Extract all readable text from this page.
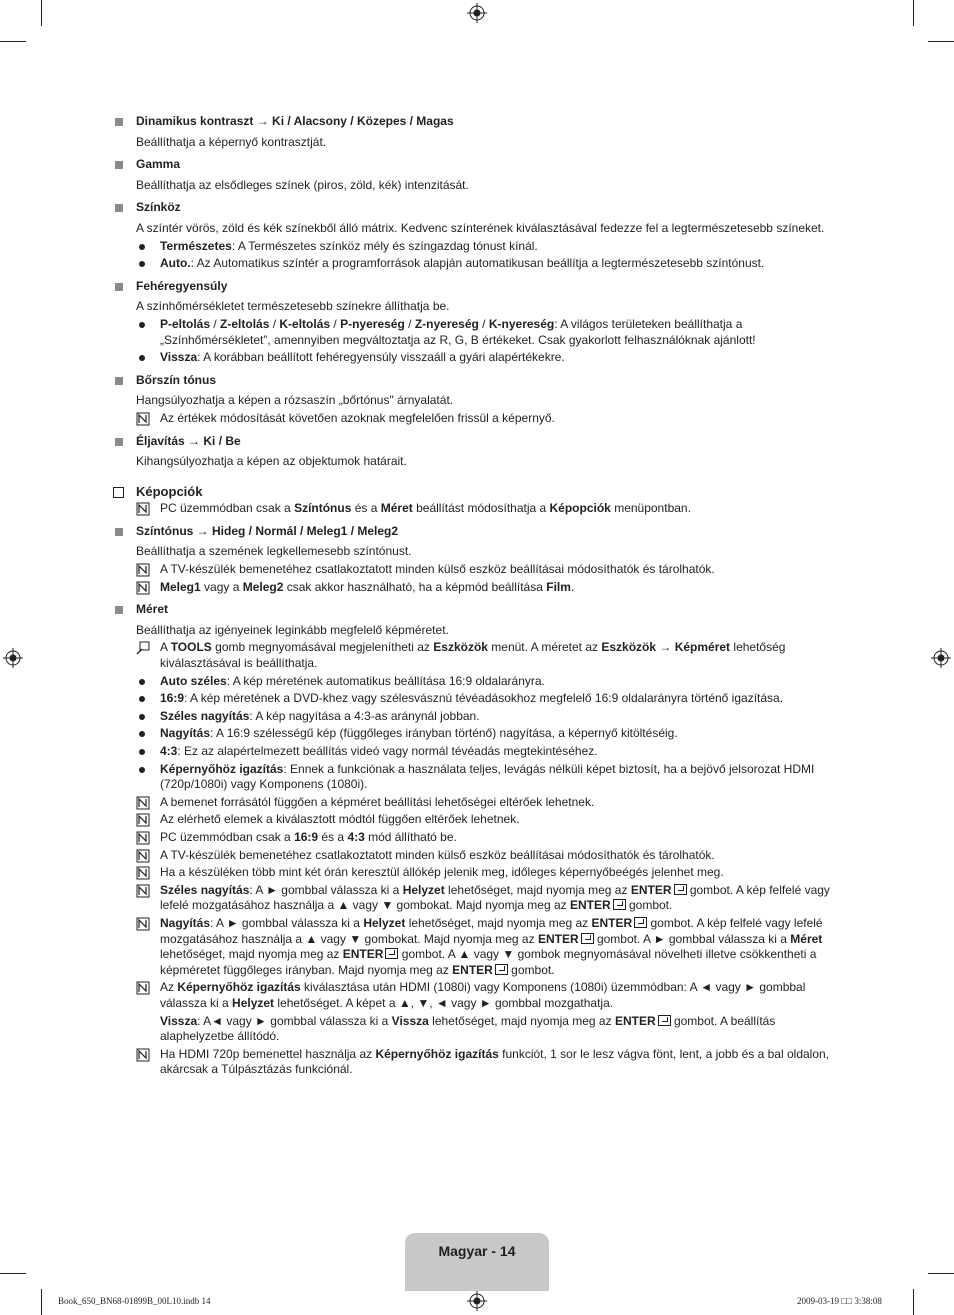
Dinamikus kontraszt → Ki / Alacsony / Közepes / Magas
Beállíthatja a képernyő kontrasztját.
Gamma
Beállíthatja az elsődleges színek (piros, zöld, kék) intenzitását.
Színköz
A színtér vörös, zöld és kék színekből álló mátrix. Kedvenc színterének kiválasztásával fedezze fel a legtermészetesebb színeket.
Természetes: A Természetes színköz mély és színgazdag tónust kínál.
Auto.: Az Automatikus színtér a programforrások alapján automatikusan beállítja a legtermészetesebb színtónust.
Fehéregyensúly
A színhőmérsékletet természetesebb színekre állíthatja be.
P-eltolás / Z-eltolás / K-eltolás / P-nyereség / Z-nyereség / K-nyereség: A világos területeken beállíthatja a „Színhőmérsékletet”, amennyiben megváltoztatja az R, G, B értékeket. Csak gyakorlott felhasználóknak ajánlott!
Vissza: A korábban beállított fehéregyensúly visszaáll a gyári alapértékekre.
Bőrszín tónus
Hangsúlyozhatja a képen a rózsaszín „bőrtónus" árnyalatát.
Az értékek módosítását követően azoknak megfelelően frissül a képernyő.
Éljavítás → Ki / Be
Kihangsúlyozhatja a képen az objektumok határait.
Képopciók
PC üzemmódban csak a Színtónus és a Méret beállítást módosíthatja a Képopciók menüpontban.
Színtónus → Hideg / Normál / Meleg1 / Meleg2
Beállíthatja a szemének legkellemesebb színtónust.
A TV-készülék bemenetéhez csatlakoztatott minden külső eszköz beállításai módosíthatók és tárolhatók.
Meleg1 vagy a Meleg2 csak akkor használható, ha a képmód beállítása Film.
Méret
Beállíthatja az igényeinek leginkább megfelelő képméretet.
A TOOLS gomb megnyomásával megjelenítheti az Eszközök menüt. A méretet az Eszközök → Képméret lehetőség kiválasztásával is beállíthatja.
Auto széles: A kép méretének automatikus beállítása 16:9 oldalarányra.
16:9: A kép méretének a DVD-khez vagy szélesvásznú tévéadásokhoz megfelelő 16:9 oldalarányra történő igazítása.
Széles nagyítás: A kép nagyítása a 4:3-as aránynál jobban.
Nagyítás: A 16:9 szélességű kép (függőleges irányban történő) nagyítása, a képernyő kitöltéséig.
4:3: Ez az alapértelmezett beállítás videó vagy normál tévéadás megtekintéséhez.
Képernyőhöz igazítás: Ennek a funkciónak a használata teljes, levágás nélküli képet biztosít, ha a bejövő jelsorozat HDMI (720p/1080i) vagy Komponens (1080i).
A bemenet forrásától függően a képméret beállítási lehetőségei eltérőek lehetnek.
Az elérhető elemek a kiválasztott módtól függően eltérőek lehetnek.
PC üzemmódban csak a 16:9 és a 4:3 mód állítható be.
A TV-készülék bemenetéhez csatlakoztatott minden külső eszköz beállításai módosíthatók és tárolhatók.
Ha a készüléken több mint két órán keresztül állókép jelenik meg, időleges képernyőbeégés jelenhet meg.
Széles nagyítás: A ► gombbal válassza ki a Helyzet lehetőséget, majd nyomja meg az ENTER gombot. A kép felfelé vagy lefelé mozgatásához használja a ▲ vagy ▼ gombokat. Majd nyomja meg az ENTER gombot.
Nagyítás: A ► gombbal válassza ki a Helyzet lehetőséget, majd nyomja meg az ENTER gombot. A kép felfelé vagy lefelé mozgatásához használja a ▲ vagy ▼ gombokat. Majd nyomja meg az ENTER gombot. A ► gombbal válassza ki a Méret lehetőséget, majd nyomja meg az ENTER gombot. A ▲ vagy ▼ gombok megnyomásával növelheti illetve csökkentheti a képméretet függőleges irányban. Majd nyomja meg az ENTER gombot.
Az Képernyőhöz igazítás kiválasztása után HDMI (1080i) vagy Komponens (1080i) üzemmódban: A ◄ vagy ► gombbal válassza ki a Helyzet lehetőséget. A képet a ▲, ▼, ◄ vagy ► gombbal mozgathatja.
Vissza: A◄ vagy ► gombbal válassza ki a Vissza lehetőséget, majd nyomja meg az ENTER gombot. A beállítás alaphelyzetbe állítódó.
Ha HDMI 720p bemenettel használja az Képernyőhöz igazítás funkciót, 1 sor le lesz vágva fönt, lent, a jobb és a bal oldalon, akárcsak a Túlpásztázás funkciónál.
Magyar - 14
Book_650_BN68-01899B_00L10.indb 14	2009-03-19 □□ 3:38:08
